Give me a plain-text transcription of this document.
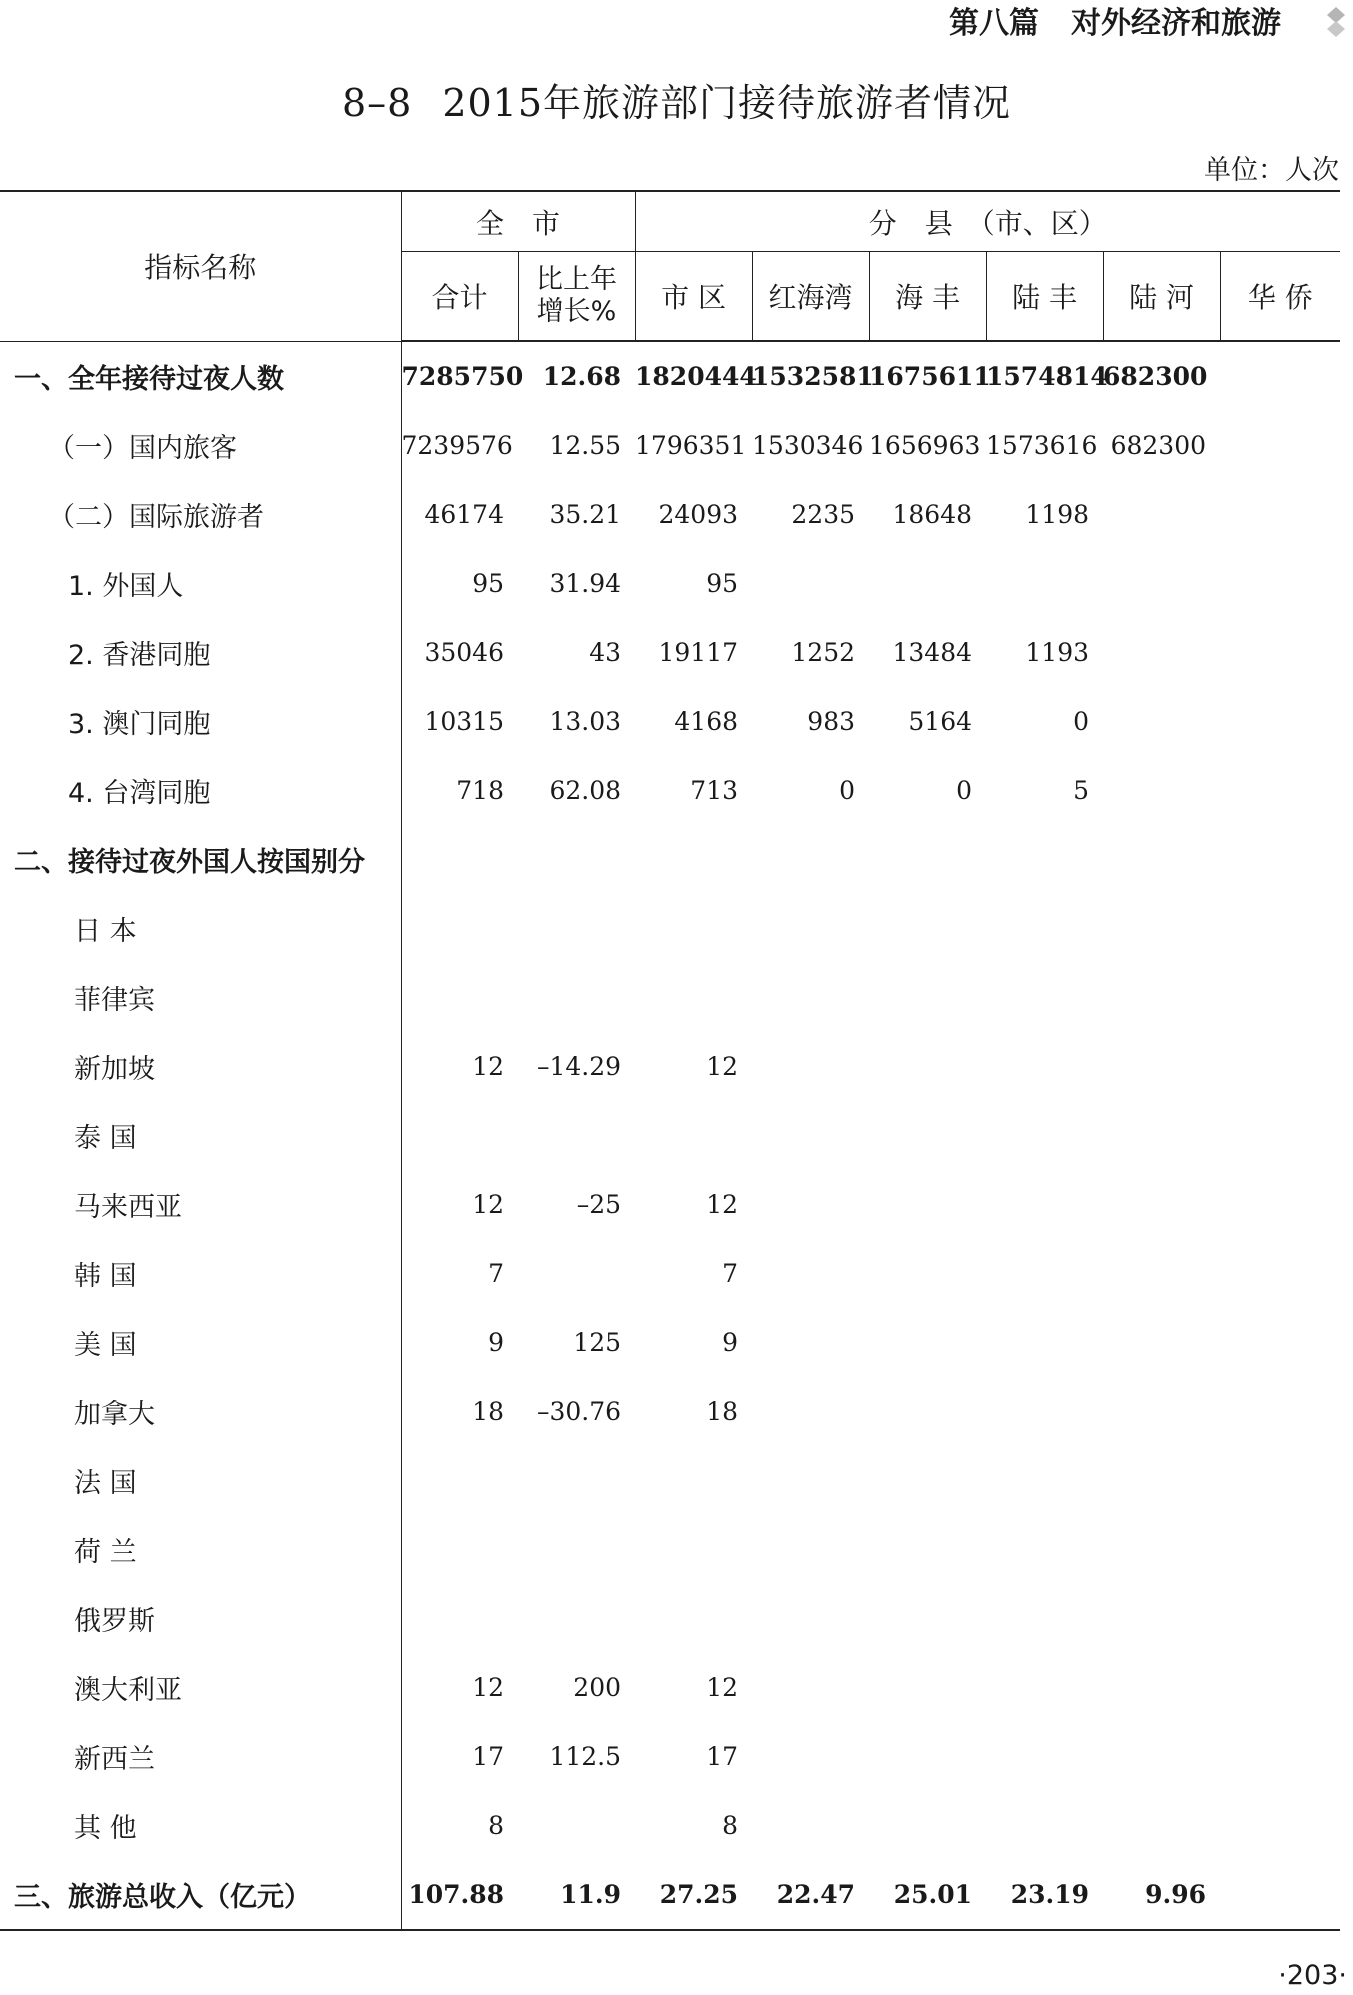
第八篇 对外经济和旅游
8–8 2015年旅游部门接待旅游者情况
单位：人次
指标名称	全　市		分　县　（市、区）					
	合计	比上年
增长%	市 区	红海湾	海 丰	陆 丰	陆 河	华 侨
一、全年接待过夜人数	7285750	12.68	1820444	1532581	1675611	1574814	682300	
（一）国内旅客	7239576	12.55	1796351	1530346	1656963	1573616	682300	
（二）国际旅游者	46174	35.21	24093	2235	18648	1198		
1. 外国人	95	31.94	95					
2. 香港同胞	35046	43	19117	1252	13484	1193		
3. 澳门同胞	10315	13.03	4168	983	5164	0		
4. 台湾同胞	718	62.08	713	0	0	5		
二、接待过夜外国人按国别分								
日 本								
菲律宾								
新加坡	12	–14.29	12					
泰 国								
马来西亚	12	–25	12					
韩 国	7		7					
美 国	9	125	9					
加拿大	18	–30.76	18					
法 国								
荷 兰								
俄罗斯								
澳大利亚	12	200	12					
新西兰	17	112.5	17					
其 他	8		8					
三、旅游总收入（亿元）	107.88	11.9	27.25	22.47	25.01	23.19	9.96	
·203·
